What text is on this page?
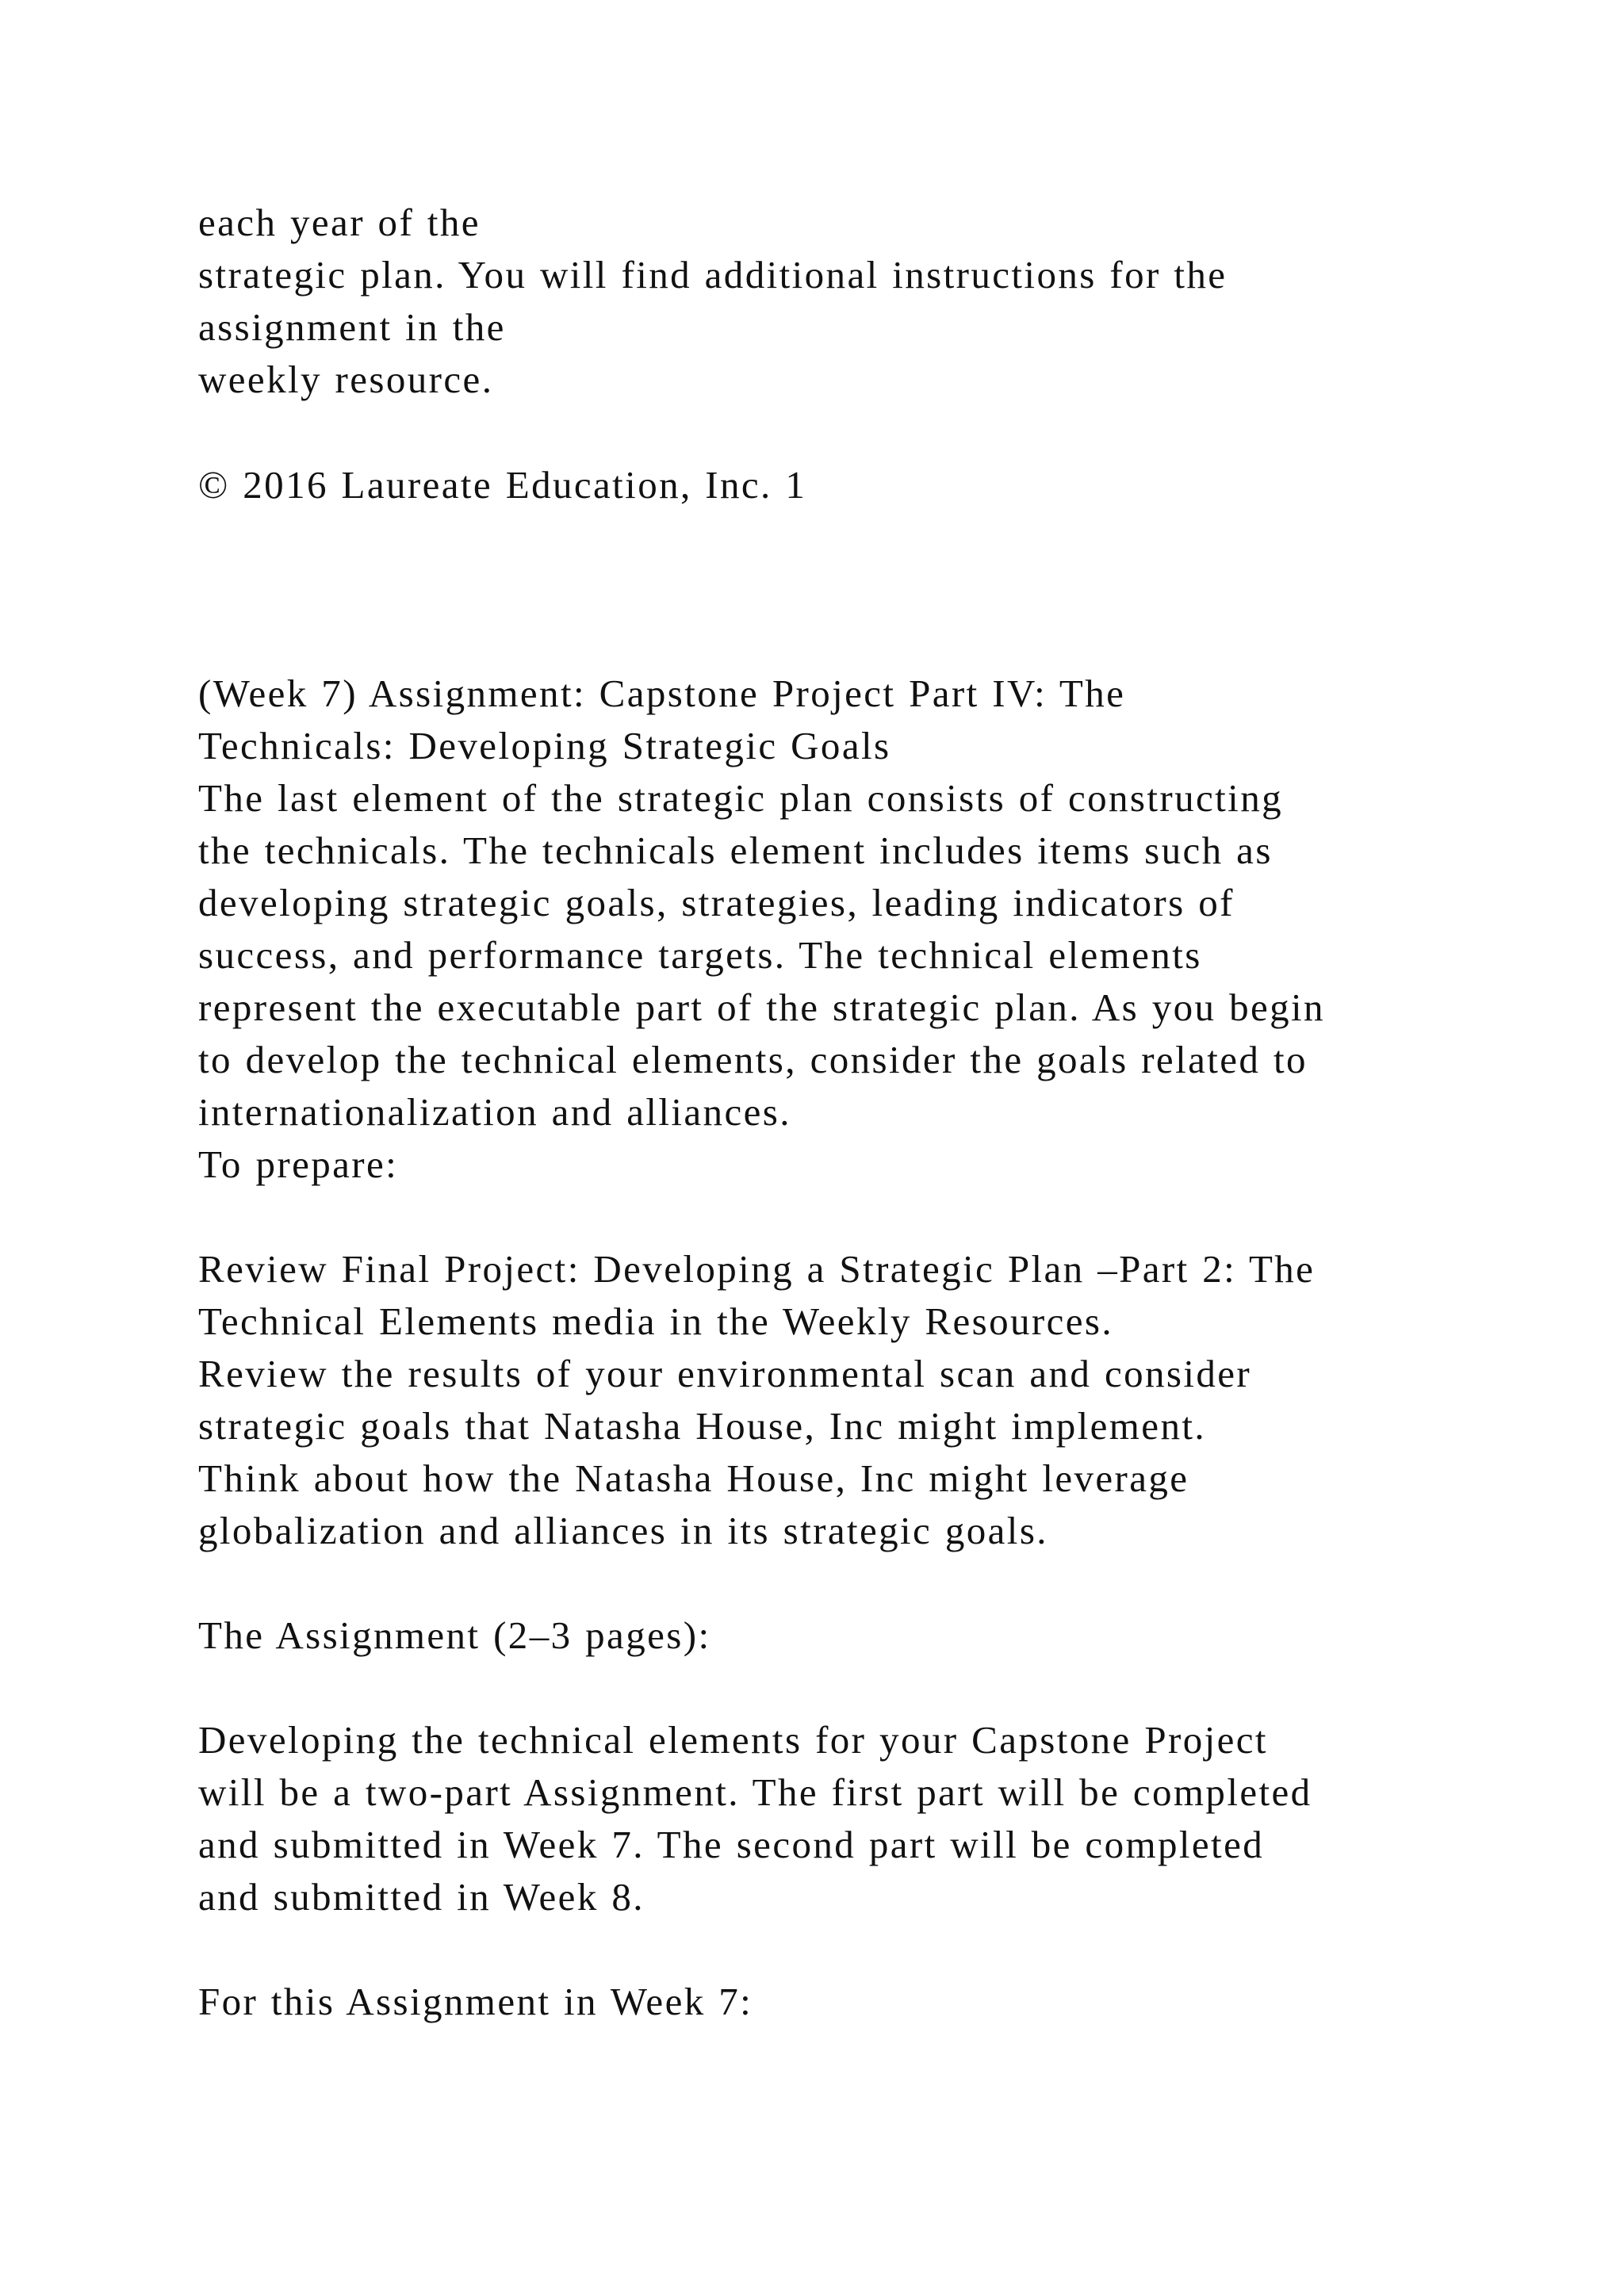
each year of the

strategic plan. You will find additional instructions for the

assignment in the

weekly resource.

© 2016 Laureate Education, Inc. 1

(Week 7) Assignment: Capstone Project Part IV: The

Technicals: Developing Strategic Goals

The last element of the strategic plan consists of constructing

the technicals. The technicals element includes items such as

developing strategic goals, strategies, leading indicators of

success, and performance targets. The technical elements

represent the executable part of the strategic plan. As you begin

to develop the technical elements, consider the goals related to

internationalization and alliances.

To prepare:

Review Final Project: Developing a Strategic Plan –Part 2: The

Technical Elements media in the Weekly Resources.

Review the results of your environmental scan and consider

strategic goals that Natasha House, Inc might implement.

Think about how the Natasha House, Inc might leverage

globalization and alliances in its strategic goals.

The Assignment (2–3 pages):

Developing the technical elements for your Capstone Project

will be a two-part Assignment. The first part will be completed

and submitted in Week 7. The second part will be completed

and submitted in Week 8.

For this Assignment in Week 7:
